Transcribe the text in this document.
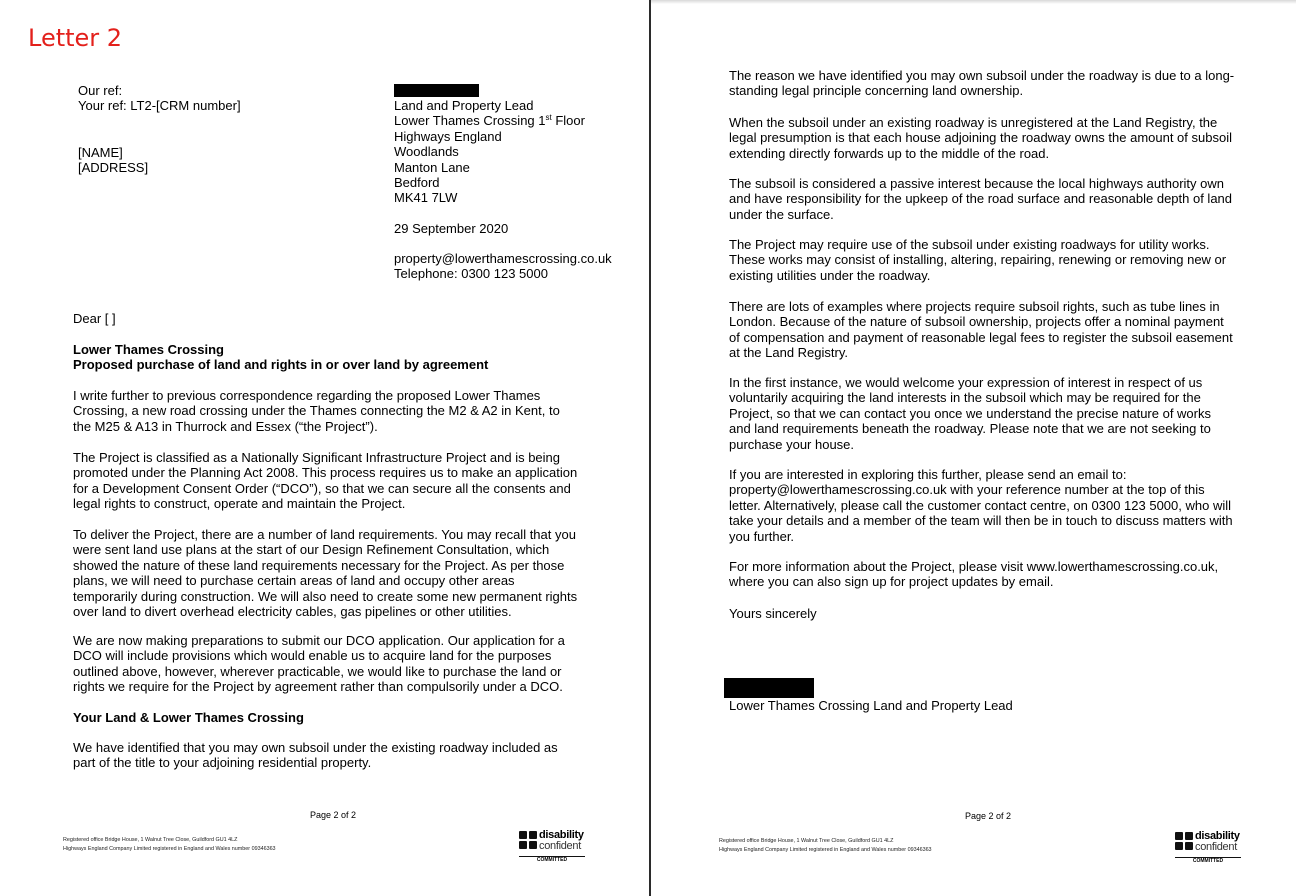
Letter 2
Our ref:
Your ref: LT2-[CRM number]
[NAME]
[ADDRESS]
Land and Property Lead
Lower Thames Crossing 1st Floor
Highways England
Woodlands
Manton Lane
Bedford
MK41 7LW
29 September 2020
property@lowerthamescrossing.co.uk
Telephone: 0300 123 5000
Dear [ ]
Lower Thames Crossing
Proposed purchase of land and rights in or over land by agreement
I write further to previous correspondence regarding the proposed Lower Thames
Crossing, a new road crossing under the Thames connecting the M2 & A2 in Kent, to
the M25 & A13 in Thurrock and Essex (“the Project”).
The Project is classified as a Nationally Significant Infrastructure Project and is being
promoted under the Planning Act 2008. This process requires us to make an application
for a Development Consent Order (“DCO”), so that we can secure all the consents and
legal rights to construct, operate and maintain the Project.
To deliver the Project, there are a number of land requirements. You may recall that you
were sent land use plans at the start of our Design Refinement Consultation, which
showed the nature of these land requirements necessary for the Project. As per those
plans, we will need to purchase certain areas of land and occupy other areas
temporarily during construction. We will also need to create some new permanent rights
over land to divert overhead electricity cables, gas pipelines or other utilities.
We are now making preparations to submit our DCO application. Our application for a
DCO will include provisions which would enable us to acquire land for the purposes
outlined above, however, wherever practicable, we would like to purchase the land or
rights we require for the Project by agreement rather than compulsorily under a DCO.
Your Land & Lower Thames Crossing
We have identified that you may own subsoil under the existing roadway included as
part of the title to your adjoining residential property.
Page 2 of 2
Registered office Bridge House, 1 Walnut Tree Close, Guildford GU1 4LZ
Highways England Company Limited registered in England and Wales number 09346363
disability
confident
COMMITTED
The reason we have identified you may own subsoil under the roadway is due to a long-
standing legal principle concerning land ownership.
When the subsoil under an existing roadway is unregistered at the Land Registry, the
legal presumption is that each house adjoining the roadway owns the amount of subsoil
extending directly forwards up to the middle of the road.
The subsoil is considered a passive interest because the local highways authority own
and have responsibility for the upkeep of the road surface and reasonable depth of land
under the surface.
The Project may require use of the subsoil under existing roadways for utility works.
These works may consist of installing, altering, repairing, renewing or removing new or
existing utilities under the roadway.
There are lots of examples where projects require subsoil rights, such as tube lines in
London. Because of the nature of subsoil ownership, projects offer a nominal payment
of compensation and payment of reasonable legal fees to register the subsoil easement
at the Land Registry.
In the first instance, we would welcome your expression of interest in respect of us
voluntarily acquiring the land interests in the subsoil which may be required for the
Project, so that we can contact you once we understand the precise nature of works
and land requirements beneath the roadway. Please note that we are not seeking to
purchase your house.
If you are interested in exploring this further, please send an email to:
property@lowerthamescrossing.co.uk with your reference number at the top of this
letter. Alternatively, please call the customer contact centre, on 0300 123 5000, who will
take your details and a member of the team will then be in touch to discuss matters with
you further.
For more information about the Project, please visit www.lowerthamescrossing.co.uk,
where you can also sign up for project updates by email.
Yours sincerely
Lower Thames Crossing Land and Property Lead
Page 2 of 2
Registered office Bridge House, 1 Walnut Tree Close, Guildford GU1 4LZ
Highways England Company Limited registered in England and Wales number 09346363
disability
confident
COMMITTED
